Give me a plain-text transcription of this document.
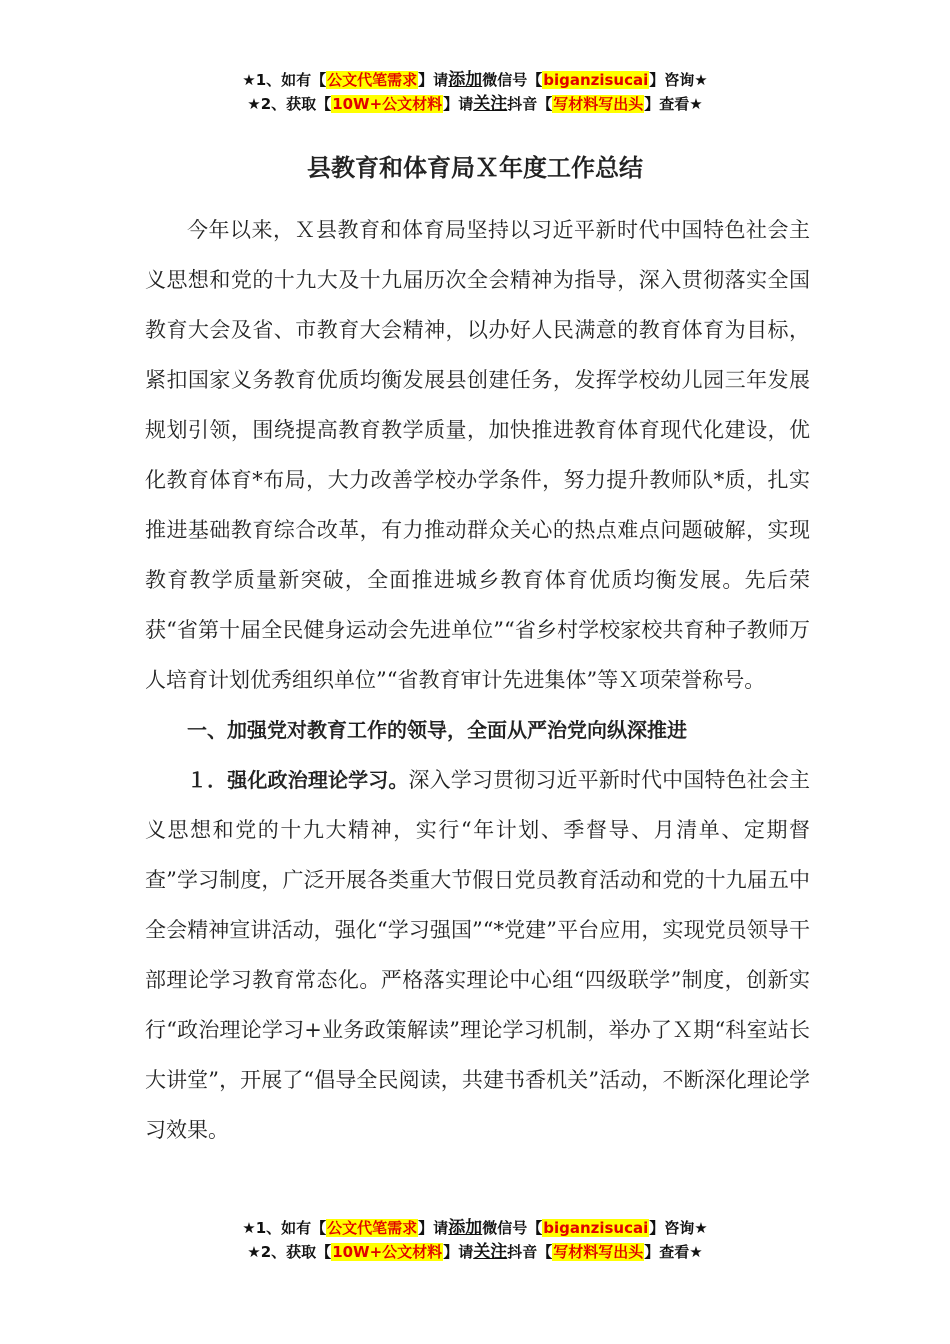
★1、如有【公文代笔需求】请添加微信号【biganzisucai】咨询★
★2、获取【10W+公文材料】请关注抖音【写材料写出头】查看★
县教育和体育局Ｘ年度工作总结

今年以来，Ｘ县教育和体育局坚持以习近平新时代中国特色社会主义思想和党的十九大及十九届历次全会精神为指导，深入贯彻落实全国教育大会及省、市教育大会精神，以办好人民满意的教育体育为目标，紧扣国家义务教育优质均衡发展县创建任务，发挥学校幼儿园三年发展规划引领，围绕提高教育教学质量，加快推进教育体育现代化建设，优化教育体育*布局，大力改善学校办学条件，努力提升教师队*质，扎实推进基础教育综合改革，有力推动群众关心的热点难点问题破解，实现教育教学质量新突破，全面推进城乡教育体育优质均衡发展。先后荣获“省第十届全民健身运动会先进单位”“省乡村学校家校共育种子教师万人培育计划优秀组织单位”“省教育审计先进集体”等Ｘ项荣誉称号。

一、加强党对教育工作的领导，全面从严治党向纵深推进

１．强化政治理论学习。深入学习贯彻习近平新时代中国特色社会主义思想和党的十九大精神，实行“年计划、季督导、月清单、定期督查”学习制度，广泛开展各类重大节假日党员教育活动和党的十九届五中全会精神宣讲活动，强化“学习强国”“*党建”平台应用，实现党员领导干部理论学习教育常态化。严格落实理论中心组“四级联学”制度，创新实行“政治理论学习+业务政策解读”理论学习机制，举办了Ｘ期“科室站长大讲堂”，开展了“倡导全民阅读，共建书香机关”活动，不断深化理论学习效果。

★1、如有【公文代笔需求】请添加微信号【biganzisucai】咨询★
★2、获取【10W+公文材料】请关注抖音【写材料写出头】查看★
